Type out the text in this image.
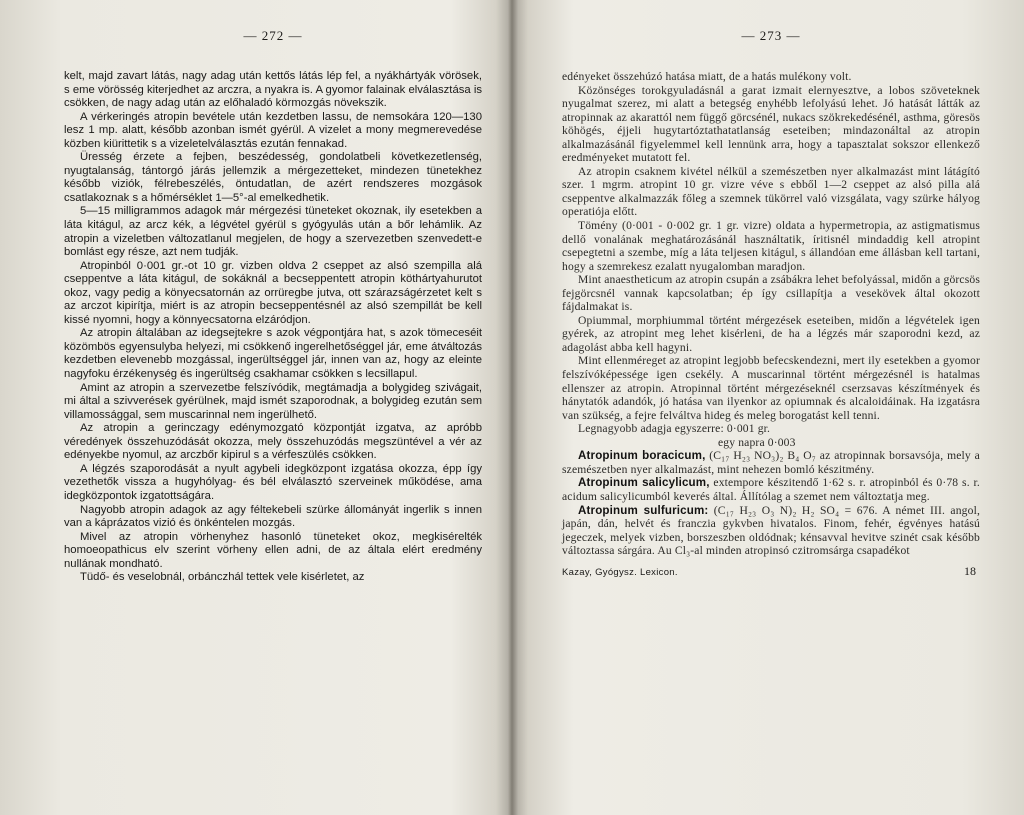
— 272 —

kelt, majd zavart látás, nagy adag után kettős látás lép fel, a nyákhártyák vörösek, s eme vörösség kiterjedhet az arczra, a nyakra is. A gyomor falainak elválasztása is csökken, de nagy adag után az előhaladó körmozgás növekszik.

A vérkeringés atropin bevétele után kezdetben lassu, de nemsokára 120—130 lesz 1 mp. alatt, később azonban ismét gyérül. A vizelet a mony megmerevedése közben kiürittetik s a vizeletelválasztás ezután fennakad.

Üresség érzete a fejben, beszédesség, gondolatbeli következetlenség, nyugtalanság, tántorgó járás jellemzik a mérgezetteket, mindezen tünetekhez később viziók, félrebeszélés, öntudatlan, de azért rendszeres mozgások csatlakoznak s a hőmérséklet 1—5°-al emelkedhetik.

5—15 milligrammos adagok már mérgezési tüneteket okoznak, ily esetekben a láta kitágul, az arcz kék, a légvétel gyérül s gyógyulás után a bőr lehámlik. Az atropin a vizeletben változatlanul megjelen, de hogy a szervezetben szenvedett-e bomlást egy része, azt nem tudják.

Atropinból 0·001 gr.-ot 10 gr. vizben oldva 2 cseppet az alsó szempilla alá cseppentve a láta kitágul, de sokáknál a becseppentett atropin köthártyahurutot okoz, vagy pedig a könyecsatornán az orrüregbe jutva, ott szárazságérzetet kelt s az arczot kipirítja, miért is az atropin becseppentésnél az alsó szempillát be kell kissé nyomni, hogy a könnyecsatorna elzáródjon.

Az atropin általában az idegsejtekre s azok végpontjára hat, s azok tömeceséit közömbös egyensulyba helyezi, mi csökkenő ingerelhetőséggel jár, eme átváltozás kezdetben elevenebb mozgással, ingerültséggel jár, innen van az, hogy az eleinte nagyfoku érzékenység és ingerültség csakhamar csökken s lecsillapul.

Amint az atropin a szervezetbe felszívódik, megtámadja a bolygideg szivágait, mi által a szivverések gyérülnek, majd ismét szaporodnak, a bolygideg ezután sem villamossággal, sem muscarinnal nem ingerülhető.

Az atropin a gerinczagy edénymozgató központját izgatva, az apróbb véredények összehuzódását okozza, mely összehuzódás megszüntével a vér az edényekbe nyomul, az arczbőr kipirul s a vérfeszülés csökken.

A légzés szaporodását a nyult agybeli idegközpont izgatása okozza, épp így vezethetők vissza a hugyhólyag- és bél elválasztó szerveinek működése, ama idegközpontok izgatottságára.

Nagyobb atropin adagok az agy féltekebeli szürke állományát ingerlik s innen van a káprázatos vizió és önkéntelen mozgás.

Mivel az atropin vörhenyhez hasonló tüneteket okoz, megkisérelték homoeopathicus elv szerint vörheny ellen adni, de az általa elért eredmény nullának mondható.

Tüdő- és veselobnál, orbánczhál tettek vele kisérletet, az

— 273 —

edényeket összehúzó hatása miatt, de a hatás mulékony volt.

Közönséges torokgyuladásnál a garat izmait elernyesztve, a lobos szöveteknek nyugalmat szerez, mi alatt a betegség enyhébb lefolyású lehet. Jó hatását látták az atropinnak az akarattól nem függő görcsénél, nukacs szökrekedésénél, asthma, göresös köhögés, éjjeli hugytartóztathatatlanság eseteiben; mindazonáltal az atropin alkalmazásánál figyelemmel kell lennünk arra, hogy a tapasztalat sokszor ellenkező eredményeket mutatott fel.

Az atropin csaknem kivétel nélkül a szemészetben nyer alkalmazást mint látágító szer. 1 mgrm. atropint 10 gr. vizre véve s ebből 1—2 cseppet az alsó pilla alá cseppentve alkalmazzák főleg a szemnek tükörrel való vizsgálata, vagy szürke hályog operatiója előtt.

Tömény (0·001 - 0·002 gr. 1 gr. vizre) oldata a hypermetropia, az astigmatismus dellő vonalának meghatározásánál használtatik, íritisnél mindaddig kell atropint csepegtetni a szembe, míg a láta teljesen kitágul, s állandóan eme állásban kell tartani, hogy a szemrekesz ezalatt nyugalomban maradjon.

Mint anaestheticum az atropin csupán a zsábákra lehet befolyással, midőn a görcsös fejgörcsnél vannak kapcsolatban; ép így csillapítja a vesekövek által okozott fájdalmakat is.

Opiummal, morphiummal történt mérgezések eseteiben, midőn a légvételek igen gyérek, az atropint meg lehet kisérleni, de ha a légzés már szaporodni kezd, az adagolást abba kell hagyni.

Mint ellenméreget az atropint legjobb befecskendezni, mert ily esetekben a gyomor felszívóképessége igen csekély. A muscarinnal történt mérgezésnél is hatalmas ellenszer az atropin. Atropinnal történt mérgezéseknél cserzsavas készítmények és hánytatók adandók, jó hatása van ilyenkor az opiumnak és alcaloidáinak. Ha izgatásra van szükség, a fejre felváltva hideg és meleg borogatást kell tenni.

Legnagyobb adagja egyszerre: 0·001 gr.

egy napra 0·003

Atropinum boracicum, (C₁₇ H₂₃ NO₃)₂ B₄ O₇ az atropinnak borsavsója, mely a szemészetben nyer alkalmazást, mint nehezen bomló készitmény.

Atropinum salicylicum, extempore készitendő 1·62 s. r. atropinból és 0·78 s. r. acidum salicylicumból keverés által. Állítólag a szemet nem változtatja meg.

Atropinum sulfuricum: (C₁₇ H₂₃ O₃ N)₂ H₂ SO₄ = 676. A német III. angol, japán, dán, helvét és franczia gykvben hivatalos. Finom, fehér, égvényes hatású jegeczek, melyek vizben, borszeszben oldódnak; kénsavval hevitve szinét csak később változtassa sárgára. Au Cl₃-al minden atropinsó czitromsárga csapadékot

Kazay, Gyógysz. Lexicon.	18
